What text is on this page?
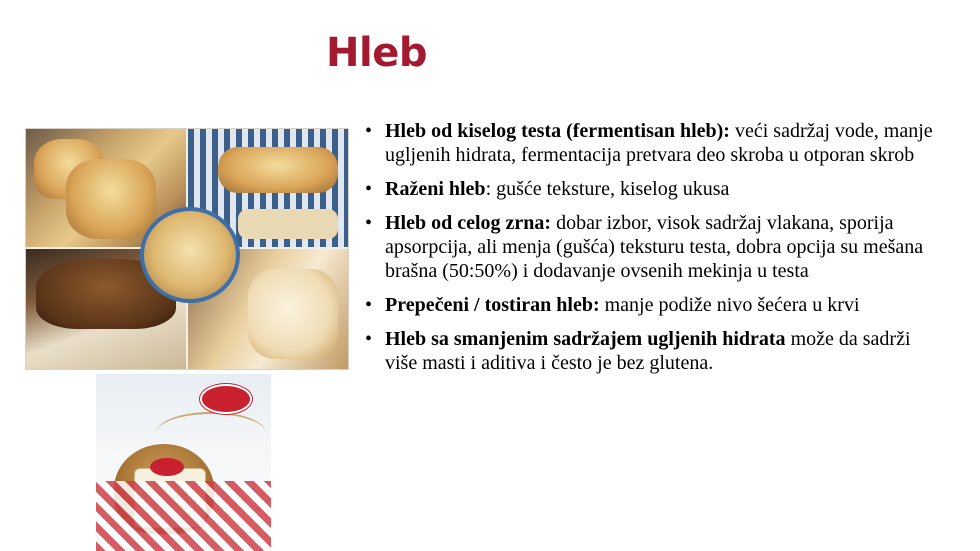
Hleb
• Hleb od kiselog testa (fermentisan hleb): veći sadržaj vode, manje ugljenih hidrata, fermentacija pretvara deo skroba u otporan skrob
• Raženi hleb: gušće teksture, kiselog ukusa
• Hleb od celog zrna: dobar izbor, visok sadržaj vlakana, sporija apsorpcija, ali menja (gušća) teksturu testa, dobra opcija su mešana brašna (50:50%) i dodavanje ovsenih mekinja u testa
• Prepečeni / tostiran hleb: manje podiže nivo šećera u krvi
• Hleb sa smanjenim sadržajem ugljenih hidrata može da sadrži više masti i aditiva i često je bez glutena.
